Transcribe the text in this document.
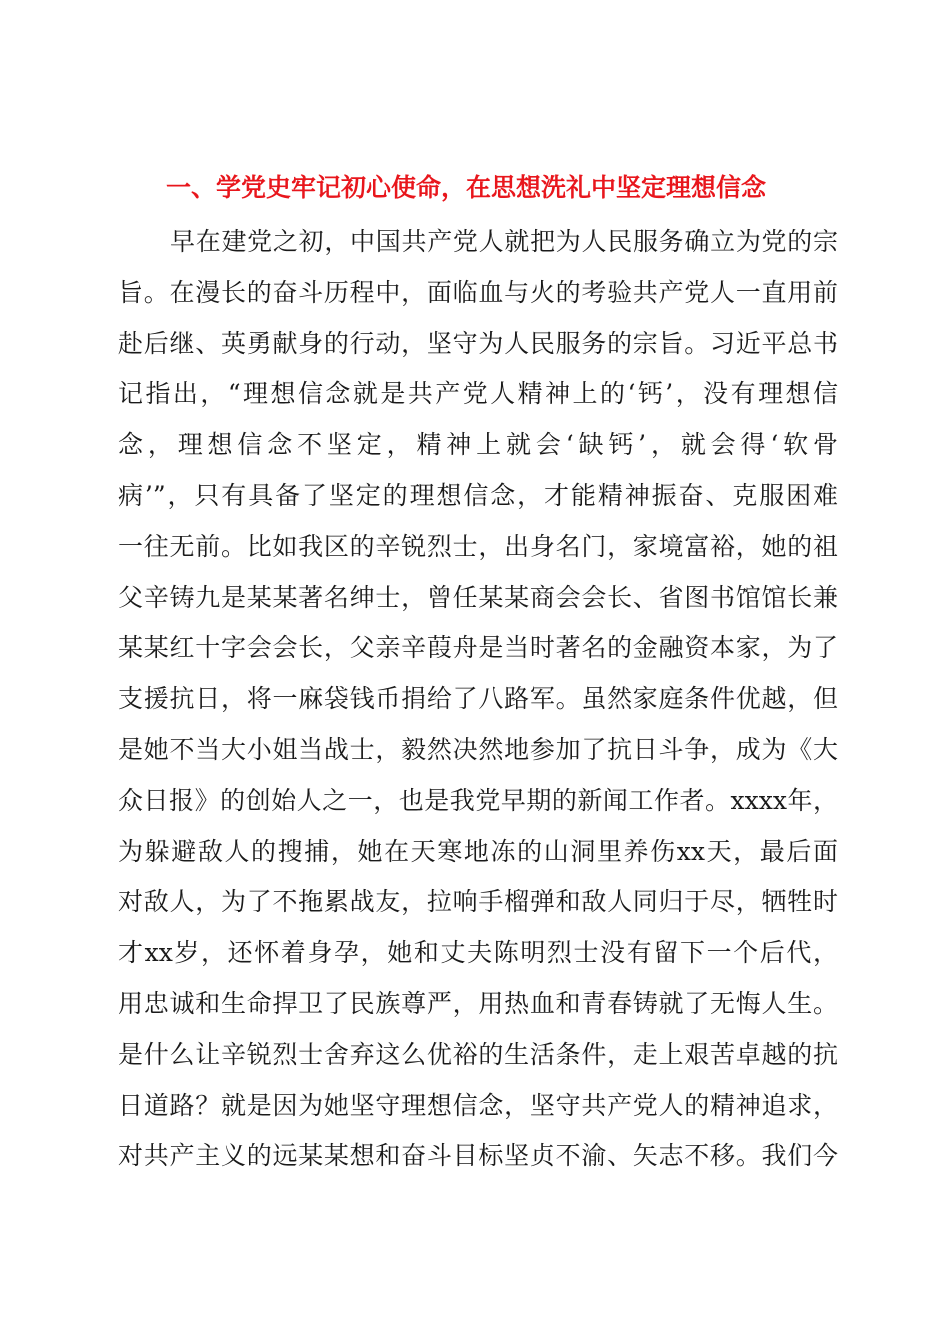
一、学党史牢记初心使命，在思想洗礼中坚定理想信念
早在建党之初，中国共产党人就把为人民服务确立为党的宗
旨。在漫长的奋斗历程中，面临血与火的考验共产党人一直用前
赴后继、英勇献身的行动，坚守为人民服务的宗旨。习近平总书
记指出，“理想信念就是共产党人精神上的‘钙’，没有理想信
念，理想信念不坚定，精神上就会‘缺钙’，就会得‘软骨
病’”，只有具备了坚定的理想信念，才能精神振奋、克服困难
一往无前。比如我区的辛锐烈士，出身名门，家境富裕，她的祖
父辛铸九是某某著名绅士，曾任某某商会会长、省图书馆馆长兼
某某红十字会会长，父亲辛葭舟是当时著名的金融资本家，为了
支援抗日，将一麻袋钱币捐给了八路军。虽然家庭条件优越，但
是她不当大小姐当战士，毅然决然地参加了抗日斗争，成为《大
众日报》的创始人之一，也是我党早期的新闻工作者。xxxx年，
为躲避敌人的搜捕，她在天寒地冻的山洞里养伤xx天，最后面
对敌人，为了不拖累战友，拉响手榴弹和敌人同归于尽，牺牲时
才xx岁，还怀着身孕，她和丈夫陈明烈士没有留下一个后代，
用忠诚和生命捍卫了民族尊严，用热血和青春铸就了无悔人生。
是什么让辛锐烈士舍弃这么优裕的生活条件，走上艰苦卓越的抗
日道路？就是因为她坚守理想信念，坚守共产党人的精神追求，
对共产主义的远某某想和奋斗目标坚贞不渝、矢志不移。我们今
